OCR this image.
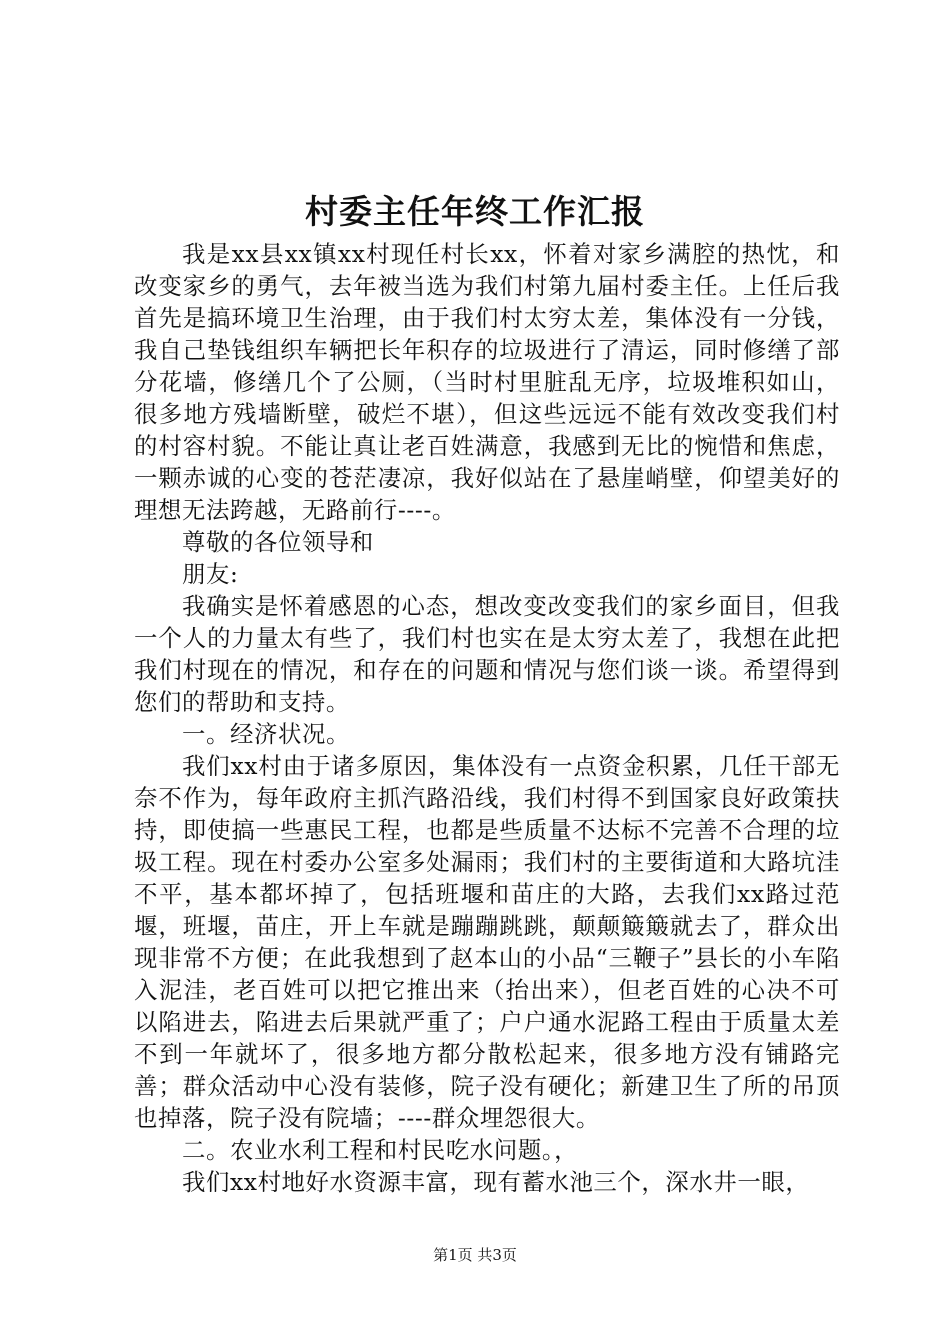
村委主任年终工作汇报

我是xx县xx镇xx村现任村长xx，怀着对家乡满腔的热忱，和改变家乡的勇气，去年被当选为我们村第九届村委主任。上任后我首先是搞环境卫生治理，由于我们村太穷太差，集体没有一分钱，我自己垫钱组织车辆把长年积存的垃圾进行了清运，同时修缮了部分花墙，修缮几个了公厕，（当时村里脏乱无序，垃圾堆积如山，很多地方残墙断壁，破烂不堪），但这些远远不能有效改变我们村的村容村貌。不能让真让老百姓满意，我感到无比的惋惜和焦虑，一颗赤诚的心变的苍茫凄凉，我好似站在了悬崖峭壁，仰望美好的理想无法跨越，无路前行----。

尊敬的各位领导和

朋友:

我确实是怀着感恩的心态，想改变改变我们的家乡面目，但我一个人的力量太有些了，我们村也实在是太穷太差了，我想在此把我们村现在的情况，和存在的问题和情况与您们谈一谈。希望得到您们的帮助和支持。

一。经济状况。

我们xx村由于诸多原因，集体没有一点资金积累，几任干部无奈不作为，每年政府主抓汽路沿线，我们村得不到国家良好政策扶持，即使搞一些惠民工程，也都是些质量不达标不完善不合理的垃圾工程。现在村委办公室多处漏雨；我们村的主要街道和大路坑洼不平，基本都坏掉了，包括班堰和苗庄的大路，去我们xx路过范堰，班堰，苗庄，开上车就是蹦蹦跳跳，颠颠簸簸就去了，群众出现非常不方便；在此我想到了赵本山的小品“三鞭子”县长的小车陷入泥洼，老百姓可以把它推出来（抬出来），但老百姓的心决不可以陷进去，陷进去后果就严重了；户户通水泥路工程由于质量太差不到一年就坏了，很多地方都分散松起来，很多地方没有铺路完善；群众活动中心没有装修，院子没有硬化；新建卫生了所的吊顶也掉落，院子没有院墙；----群众埋怨很大。

二。农业水利工程和村民吃水问题。，

我们xx村地好水资源丰富，现有蓄水池三个，深水井一眼，

第1页 共3页
